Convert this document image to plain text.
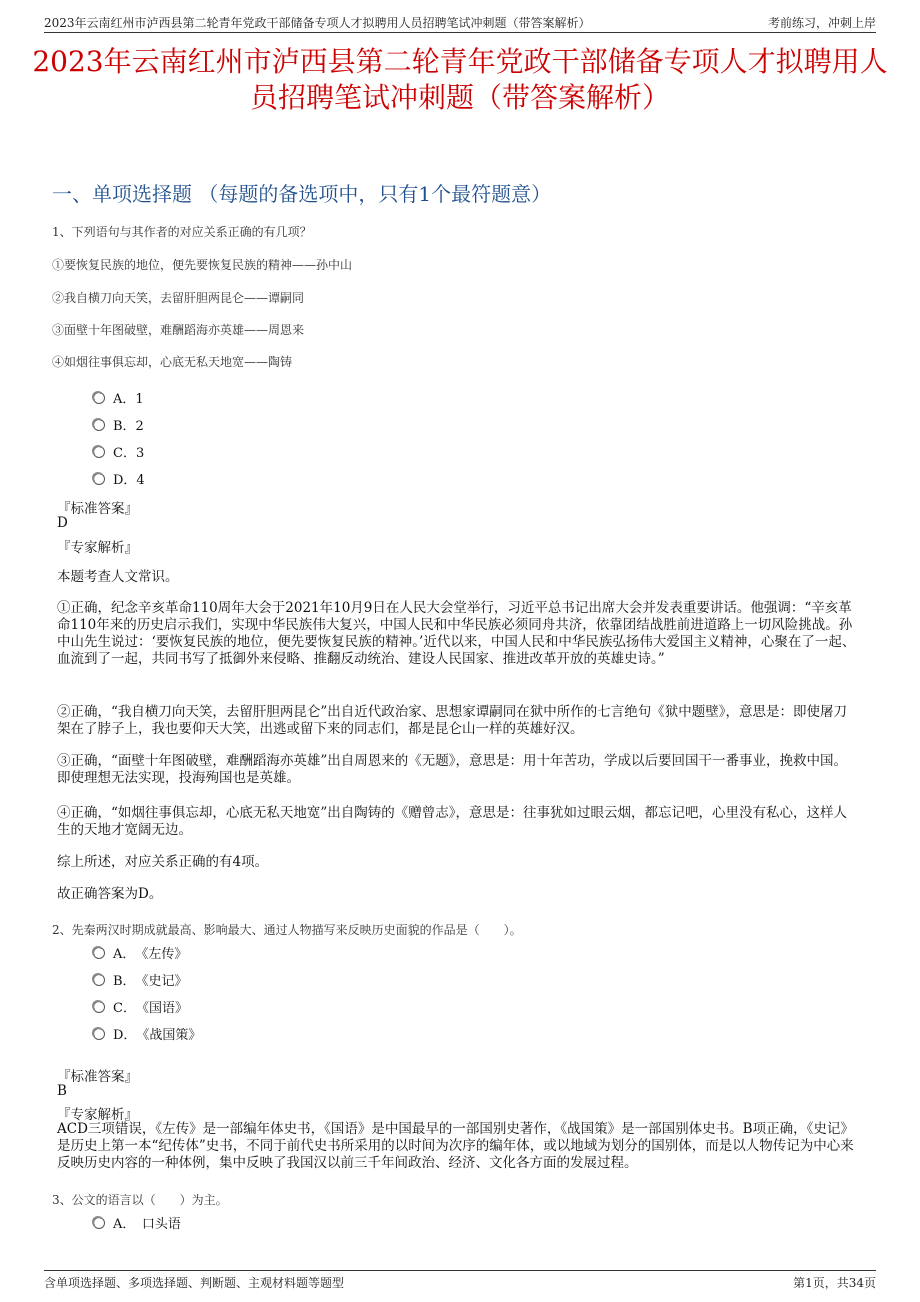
2023年云南红州市泸西县第二轮青年党政干部储备专项人才拟聘用人员招聘笔试冲刺题（带答案解析）	考前练习，冲刺上岸
2023年云南红州市泸西县第二轮青年党政干部储备专项人才拟聘用人员招聘笔试冲刺题（带答案解析）
一、单项选择题 （每题的备选项中，只有1个最符题意）
1、下列语句与其作者的对应关系正确的有几项？
①要恢复民族的地位，便先要恢复民族的精神——孙中山
②我自横刀向天笑，去留肝胆两昆仑——谭嗣同
③面壁十年图破壁，难酬蹈海亦英雄——周恩来
④如烟往事俱忘却，心底无私天地宽——陶铸
A．1
B．2
C．3
D．4
『标准答案』
D
『专家解析』
本题考查人文常识。
①正确，纪念辛亥革命110周年大会于2021年10月9日在人民大会堂举行，习近平总书记出席大会并发表重要讲话。他强调：“辛亥革命110年来的历史启示我们，实现中华民族伟大复兴，中国人民和中华民族必须同舟共济，依靠团结战胜前进道路上一切风险挑战。孙中山先生说过：‘要恢复民族的地位，便先要恢复民族的精神。’近代以来，中国人民和中华民族弘扬伟大爱国主义精神，心聚在了一起、血流到了一起，共同书写了抵御外来侵略、推翻反动统治、建设人民国家、推进改革开放的英雄史诗。”
②正确，“我自横刀向天笑，去留肝胆两昆仑”出自近代政治家、思想家谭嗣同在狱中所作的七言绝句《狱中题壁》，意思是：即使屠刀架在了脖子上，我也要仰天大笑，出逃或留下来的同志们，都是昆仑山一样的英雄好汉。
③正确，“面壁十年图破壁，难酬蹈海亦英雄”出自周恩来的《无题》，意思是：用十年苦功，学成以后要回国干一番事业，挽救中国。即使理想无法实现，投海殉国也是英雄。
④正确，“如烟往事俱忘却，心底无私天地宽”出自陶铸的《赠曾志》，意思是：往事犹如过眼云烟，都忘记吧，心里没有私心，这样人生的天地才宽阔无边。
综上所述，对应关系正确的有4项。
故正确答案为D。
2、先秦两汉时期成就最高、影响最大、通过人物描写来反映历史面貌的作品是（　　）。
A．　《左传》
B．　《史记》
C．　《国语》
D．　《战国策》
『标准答案』
B
『专家解析』
ACD三项错误，《左传》是一部编年体史书，《国语》是中国最早的一部国别史著作，《战国策》是一部国别体史书。B项正确，《史记》是历史上第一本“纪传体”史书，不同于前代史书所采用的以时间为次序的编年体，或以地域为划分的国别体，而是以人物传记为中心来反映历史内容的一种体例，集中反映了我国汉以前三千年间政治、经济、文化各方面的发展过程。
3、公文的语言以（　　）为主。
A．　口头语
含单项选择题、多项选择题、判断题、主观材料题等题型	第1页，共34页
